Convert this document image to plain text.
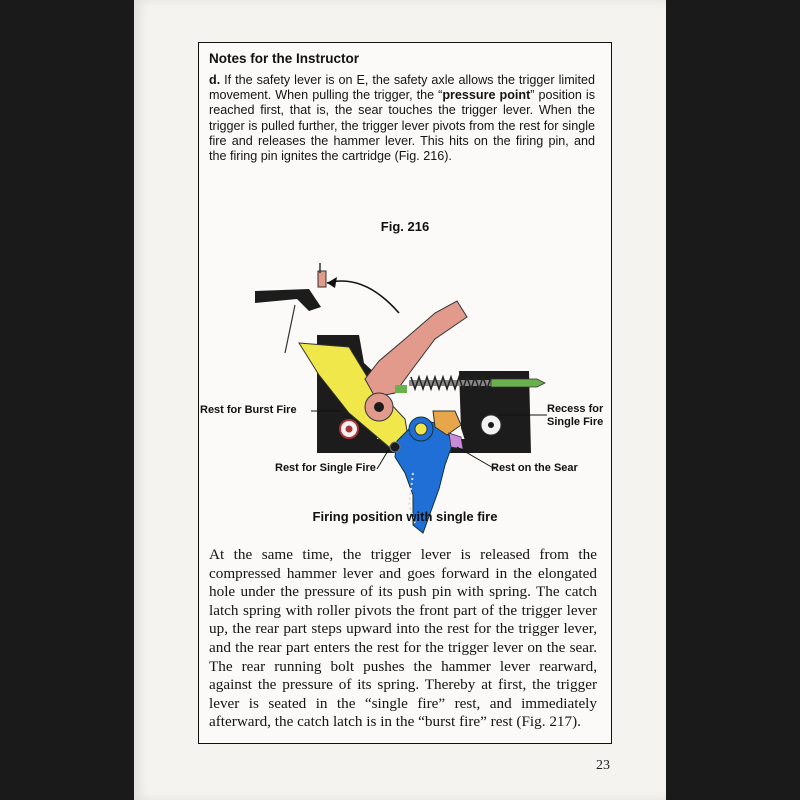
Notes for the Instructor
d. If the safety lever is on E, the safety axle allows the trigger limited movement. When pulling the trigger, the “pressure point” position is reached first, that is, the sear touches the trigger lever. When the trigger is pulled further, the trigger lever pivots from the rest for single fire and releases the hammer lever. This hits on the firing pin, and the firing pin ignites the cartridge (Fig. 216).
Fig. 216
Rest for Burst Fire	Recess for
Single Fire
Rest for Single Fire	Rest on the Sear
Firing position with single fire
At the same time, the trigger lever is released from the compressed hammer lever and goes forward in the elongated hole under the pressure of its push pin with spring. The catch latch spring with roller pivots the front part of the trigger lever up, the rear part steps upward into the rest for the trigger lever, and the rear part enters the rest for the trigger lever on the sear. The rear running bolt pushes the hammer lever rearward, against the pressure of its spring. Thereby at first, the trigger lever is seated in the “single fire” rest, and immediately afterward, the catch latch is in the “burst fire” rest (Fig. 217).
23
